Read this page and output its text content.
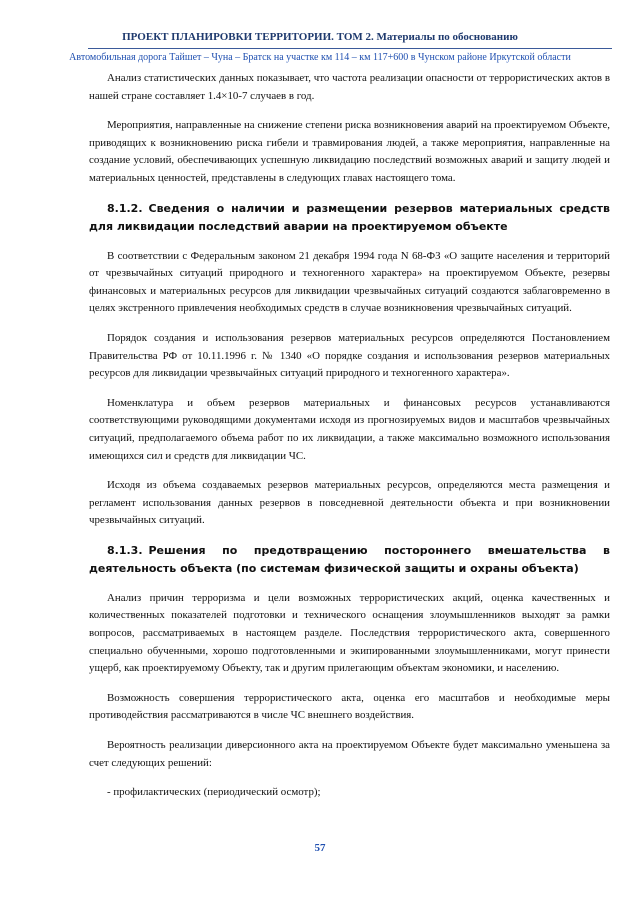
ПРОЕКТ ПЛАНИРОВКИ ТЕРРИТОРИИ. ТОМ 2. Материалы по обоснованию
Автомобильная дорога Тайшет – Чуна – Братск на участке км 114 – км 117+600 в Чунском районе Иркутской области

Анализ статистических данных показывает, что частота реализации опасности от террористических актов в нашей стране составляет 1.4×10-7 случаев в год.

Мероприятия, направленные на снижение степени риска возникновения аварий на проектируемом Объекте, приводящих к возникновению риска гибели и травмирования людей, а также мероприятия, направленные на создание условий, обеспечивающих успешную ликвидацию последствий возможных аварий и защиту людей и материальных ценностей, представлены в следующих главах настоящего тома.

8.1.2. Сведения о наличии и размещении резервов материальных средств для ликвидации последствий аварии на проектируемом объекте

В соответствии с Федеральным законом 21 декабря 1994 года N 68-ФЗ «О защите населения и территорий от чрезвычайных ситуаций природного и техногенного характера» на проектируемом Объекте, резервы финансовых и материальных ресурсов для ликвидации чрезвычайных ситуаций создаются заблаговременно в целях экстренного привлечения необходимых средств в случае возникновения чрезвычайных ситуаций.

Порядок создания и использования резервов материальных ресурсов определяются Постановлением Правительства РФ от 10.11.1996 г. № 1340 «О порядке создания и использования резервов материальных ресурсов для ликвидации чрезвычайных ситуаций природного и техногенного характера».

Номенклатура и объем резервов материальных и финансовых ресурсов устанавливаются соответствующими руководящими документами исходя из прогнозируемых видов и масштабов чрезвычайных ситуаций, предполагаемого объема работ по их ликвидации, а также максимально возможного использования имеющихся сил и средств для ликвидации ЧС.

Исходя из объема создаваемых резервов материальных ресурсов, определяются места размещения и регламент использования данных резервов в повседневной деятельности объекта и при возникновении чрезвычайных ситуаций.

8.1.3. Решения по предотвращению постороннего вмешательства в деятельность объекта (по системам физической защиты и охраны объекта)

Анализ причин терроризма и цели возможных террористических акций, оценка качественных и количественных показателей подготовки и технического оснащения злоумышленников выходят за рамки вопросов, рассматриваемых в настоящем разделе. Последствия террористического акта, совершенного специально обученными, хорошо подготовленными и экипированными злоумышленниками, могут принести ущерб, как проектируемому Объекту, так и другим прилегающим объектам экономики, и населению.

Возможность совершения террористического акта, оценка его масштабов и необходимые меры противодействия рассматриваются в числе ЧС внешнего воздействия.

Вероятность реализации диверсионного акта на проектируемом Объекте будет максимально уменьшена за счет следующих решений:

- профилактических (периодический осмотр);

57
